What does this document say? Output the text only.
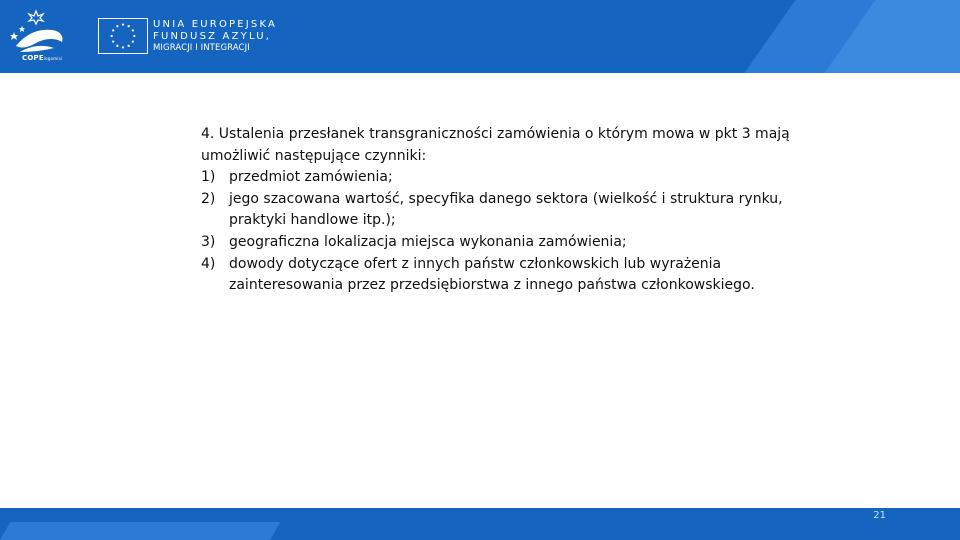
COPElogomisi
UNIA EUROPEJSKA
FUNDUSZ AZYLU,
MIGRACJI I INTEGRACJI

4. Ustalenia przesłanek transgraniczności zamówienia o którym mowa w pkt 3 mają umożliwić następujące czynniki:

1) przedmiot zamówienia;
2) jego szacowana wartość, specyfika danego sektora (wielkość i struktura rynku, praktyki handlowe itp.);
3) geograficzna lokalizacja miejsca wykonania zamówienia;
4) dowody dotyczące ofert z innych państw członkowskich lub wyrażenia zainteresowania przez przedsiębiorstwa z innego państwa członkowskiego.
21
